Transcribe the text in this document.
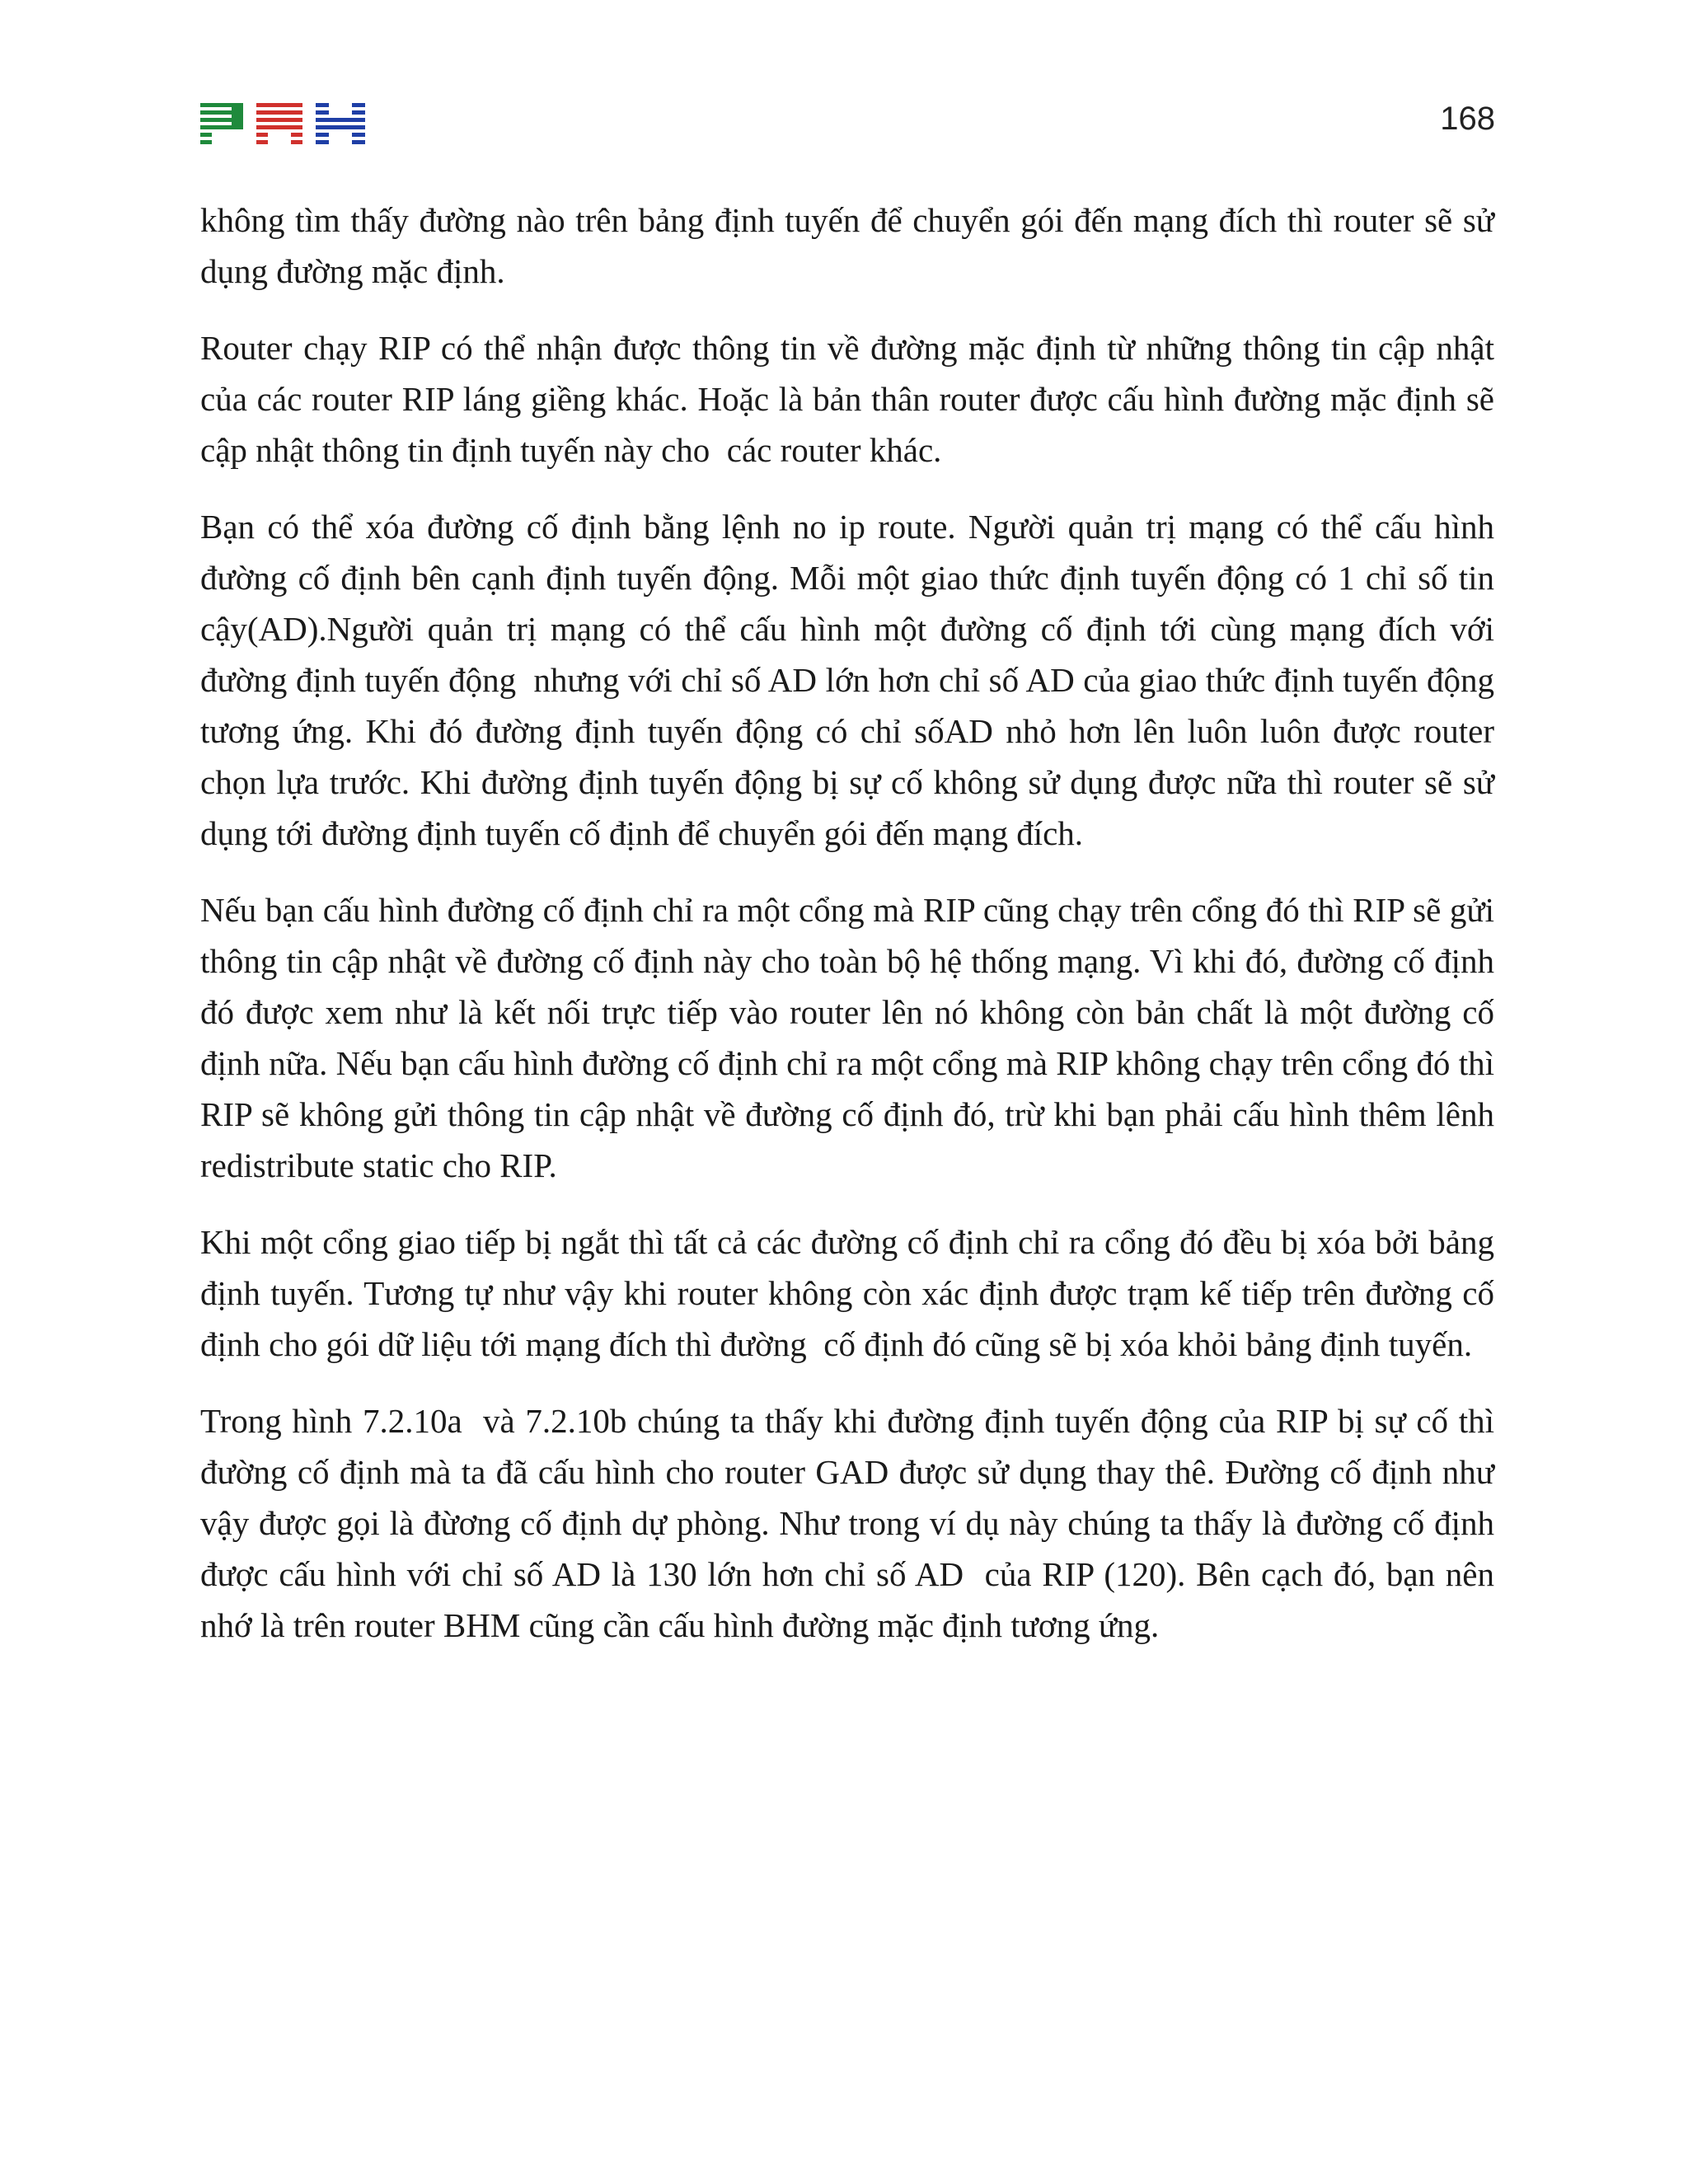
168

không tìm thấy đường nào trên bảng định tuyến để chuyển gói đến mạng đích thì router sẽ sử dụng đường mặc định.

Router chạy RIP có thể nhận được thông tin về đường mặc định từ những thông tin cập nhật của các router RIP láng giềng khác. Hoặc là bản thân router được cấu hình đường mặc định sẽ cập nhật thông tin định tuyến này cho  các router khác.

Bạn có thể xóa đường cố định bằng lệnh no ip route. Người quản trị mạng có thể cấu hình đường cố định bên cạnh định tuyến động. Mỗi một giao thức định tuyến động có 1 chỉ số tin cậy(AD).Người quản trị mạng có thể cấu hình một đường cố định tới cùng mạng đích với đường định tuyến động  nhưng với chỉ số AD lớn hơn chỉ số AD của giao thức định tuyến động tương ứng. Khi đó đường định tuyến động có chỉ sốAD nhỏ hơn lên luôn luôn được router chọn lựa trước. Khi đường định tuyến động bị sự cố không sử dụng được nữa thì router sẽ sử dụng tới đường định tuyến cố định để chuyển gói đến mạng đích.

Nếu bạn cấu hình đường cố định chỉ ra một cổng mà RIP cũng chạy trên cổng đó thì RIP sẽ gửi thông tin cập nhật về đường cố định này cho toàn bộ hệ thống mạng. Vì khi đó, đường cố định đó được xem như là kết nối trực tiếp vào router lên nó không còn bản chất là một đường cố định nữa. Nếu bạn cấu hình đường cố định chỉ ra một cổng mà RIP không chạy trên cổng đó thì RIP sẽ không gửi thông tin cập nhật về đường cố định đó, trừ khi bạn phải cấu hình thêm lênh redistribute static cho RIP.

Khi một cổng giao tiếp bị ngắt thì tất cả các đường cố định chỉ ra cổng đó đều bị xóa bởi bảng định tuyến. Tương tự như vậy khi router không còn xác định được trạm kế tiếp trên đường cố định cho gói dữ liệu tới mạng đích thì đường  cố định đó cũng sẽ bị xóa khỏi bảng định tuyến.

Trong hình 7.2.10a  và 7.2.10b chúng ta thấy khi đường định tuyến động của RIP bị sự cố thì đường cố định mà ta đã cấu hình cho router GAD được sử dụng thay thê. Đường cố định như vậy được gọi là đừơng cố định dự phòng. Như trong ví dụ này chúng ta thấy là đường cố định được cấu hình với chỉ số AD là 130 lớn hơn chỉ số AD  của RIP (120). Bên cạch đó, bạn nên nhớ là trên router BHM cũng cần cấu hình đường mặc định tương ứng.
